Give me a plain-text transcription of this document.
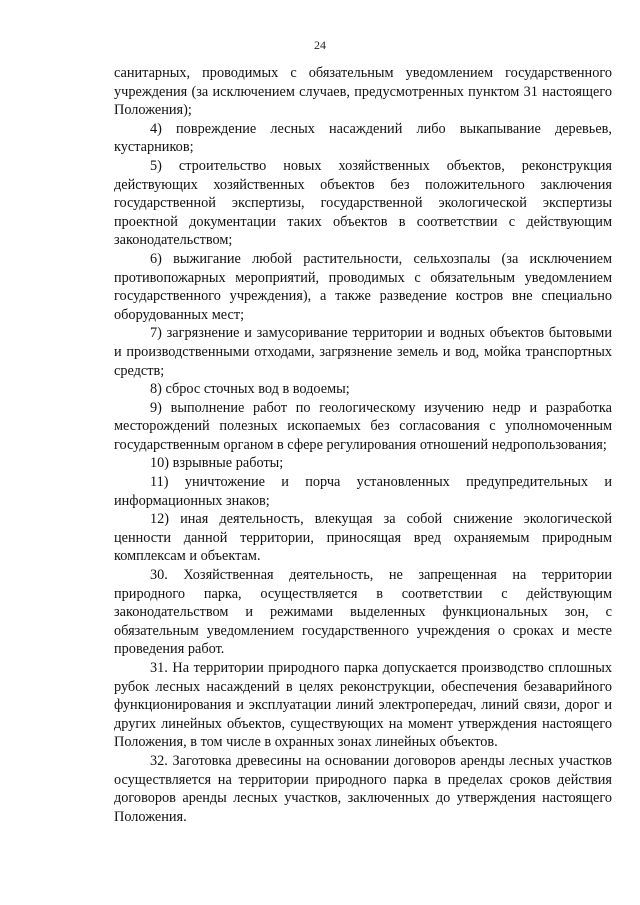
24

санитарных, проводимых с обязательным уведомлением государственного учреждения (за исключением случаев, предусмотренных пунктом 31 настоящего Положения);

4) повреждение лесных насаждений либо выкапывание деревьев, кустарников;

5) строительство новых хозяйственных объектов, реконструкция действующих хозяйственных объектов без положительного заключения государственной экспертизы, государственной экологической экспертизы проектной документации таких объектов в соответствии с действующим законодательством;

6) выжигание любой растительности, сельхозпалы (за исключением противопожарных мероприятий, проводимых с обязательным уведомлением государственного учреждения), а также разведение костров вне специально оборудованных мест;

7) загрязнение и замусоривание территории и водных объектов бытовыми и производственными отходами, загрязнение земель и вод, мойка транспортных средств;

8) сброс сточных вод в водоемы;

9) выполнение работ по геологическому изучению недр и разработка месторождений полезных ископаемых без согласования с уполномоченным государственным органом в сфере регулирования отношений недропользования;

10) взрывные работы;

11) уничтожение и порча установленных предупредительных и информационных знаков;

12) иная деятельность, влекущая за собой снижение экологической ценности данной территории, приносящая вред охраняемым природным комплексам и объектам.

30. Хозяйственная деятельность, не запрещенная на территории природного парка, осуществляется в соответствии с действующим законодательством и режимами выделенных функциональных зон, с обязательным уведомлением государственного учреждения о сроках и месте проведения работ.

31. На территории природного парка допускается производство сплошных рубок лесных насаждений в целях реконструкции, обеспечения безаварийного функционирования и эксплуатации линий электропередач, линий связи, дорог и других линейных объектов, существующих на момент утверждения настоящего Положения, в том числе в охранных зонах линейных объектов.

32. Заготовка древесины на основании договоров аренды лесных участков осуществляется на территории природного парка в пределах сроков действия договоров аренды лесных участков, заключенных до утверждения настоящего Положения.
